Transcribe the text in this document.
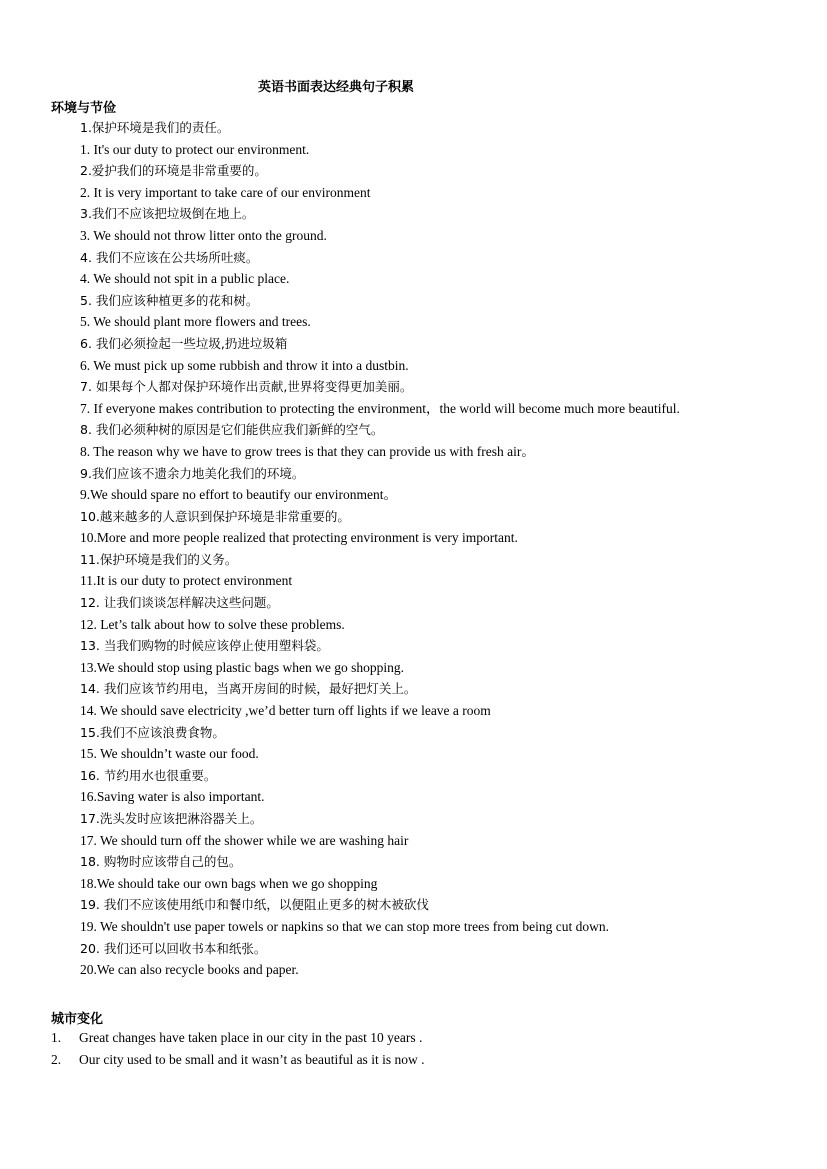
英语书面表达经典句子积累
环境与节俭
1.保护环境是我们的责任。
1. It's our duty to protect our environment.
2.爱护我们的环境是非常重要的。
2. It is very important to take care of our environment
3.我们不应该把垃圾倒在地上。
3. We should not throw litter onto the ground.
4. 我们不应该在公共场所吐痰。
4. We should not spit in a public place.
5. 我们应该种植更多的花和树。
5. We should plant more flowers and trees.
6. 我们必须捡起一些垃圾,扔进垃圾箱
6. We must pick up some rubbish and throw it into a dustbin.
7. 如果每个人都对保护环境作出贡献,世界将变得更加美丽。
7. If everyone makes contribution to protecting the environment，the world will become much more beautiful.
8. 我们必须种树的原因是它们能供应我们新鲜的空气。
8. The reason why we have to grow trees is that they can provide us with fresh air。
9.我们应该不遗余力地美化我们的环境。
9.We should spare no effort to beautify our environment。
10.越来越多的人意识到保护环境是非常重要的。
10.More and more people realized that protecting environment is very important.
11.保护环境是我们的义务。
11.It is our duty to protect environment
12. 让我们谈谈怎样解决这些问题。
12. Let’s talk about how to solve these problems.
13. 当我们购物的时候应该停止使用塑料袋。
13.We should stop using plastic bags when we go shopping.
14. 我们应该节约用电，当离开房间的时候，最好把灯关上。
14. We should save electricity ,we’d better turn off lights if we leave a room
15.我们不应该浪费食物。
15. We shouldn’t waste our food.
16. 节约用水也很重要。
16.Saving water is also important.
17.洗头发时应该把淋浴器关上。
17. We should turn off the shower while we are washing hair
18. 购物时应该带自己的包。
18.We should take our own bags when we go shopping
19. 我们不应该使用纸巾和餐巾纸，以便阻止更多的树木被砍伐
19. We shouldn't use paper towels or napkins so that we can stop more trees from being cut down.
20. 我们还可以回收书本和纸张。
20.We can also recycle books and paper.
城市变化
1. Great changes have taken place in our city in the past 10 years .
2. Our city used to be small and it wasn’t as beautiful as it is now .
